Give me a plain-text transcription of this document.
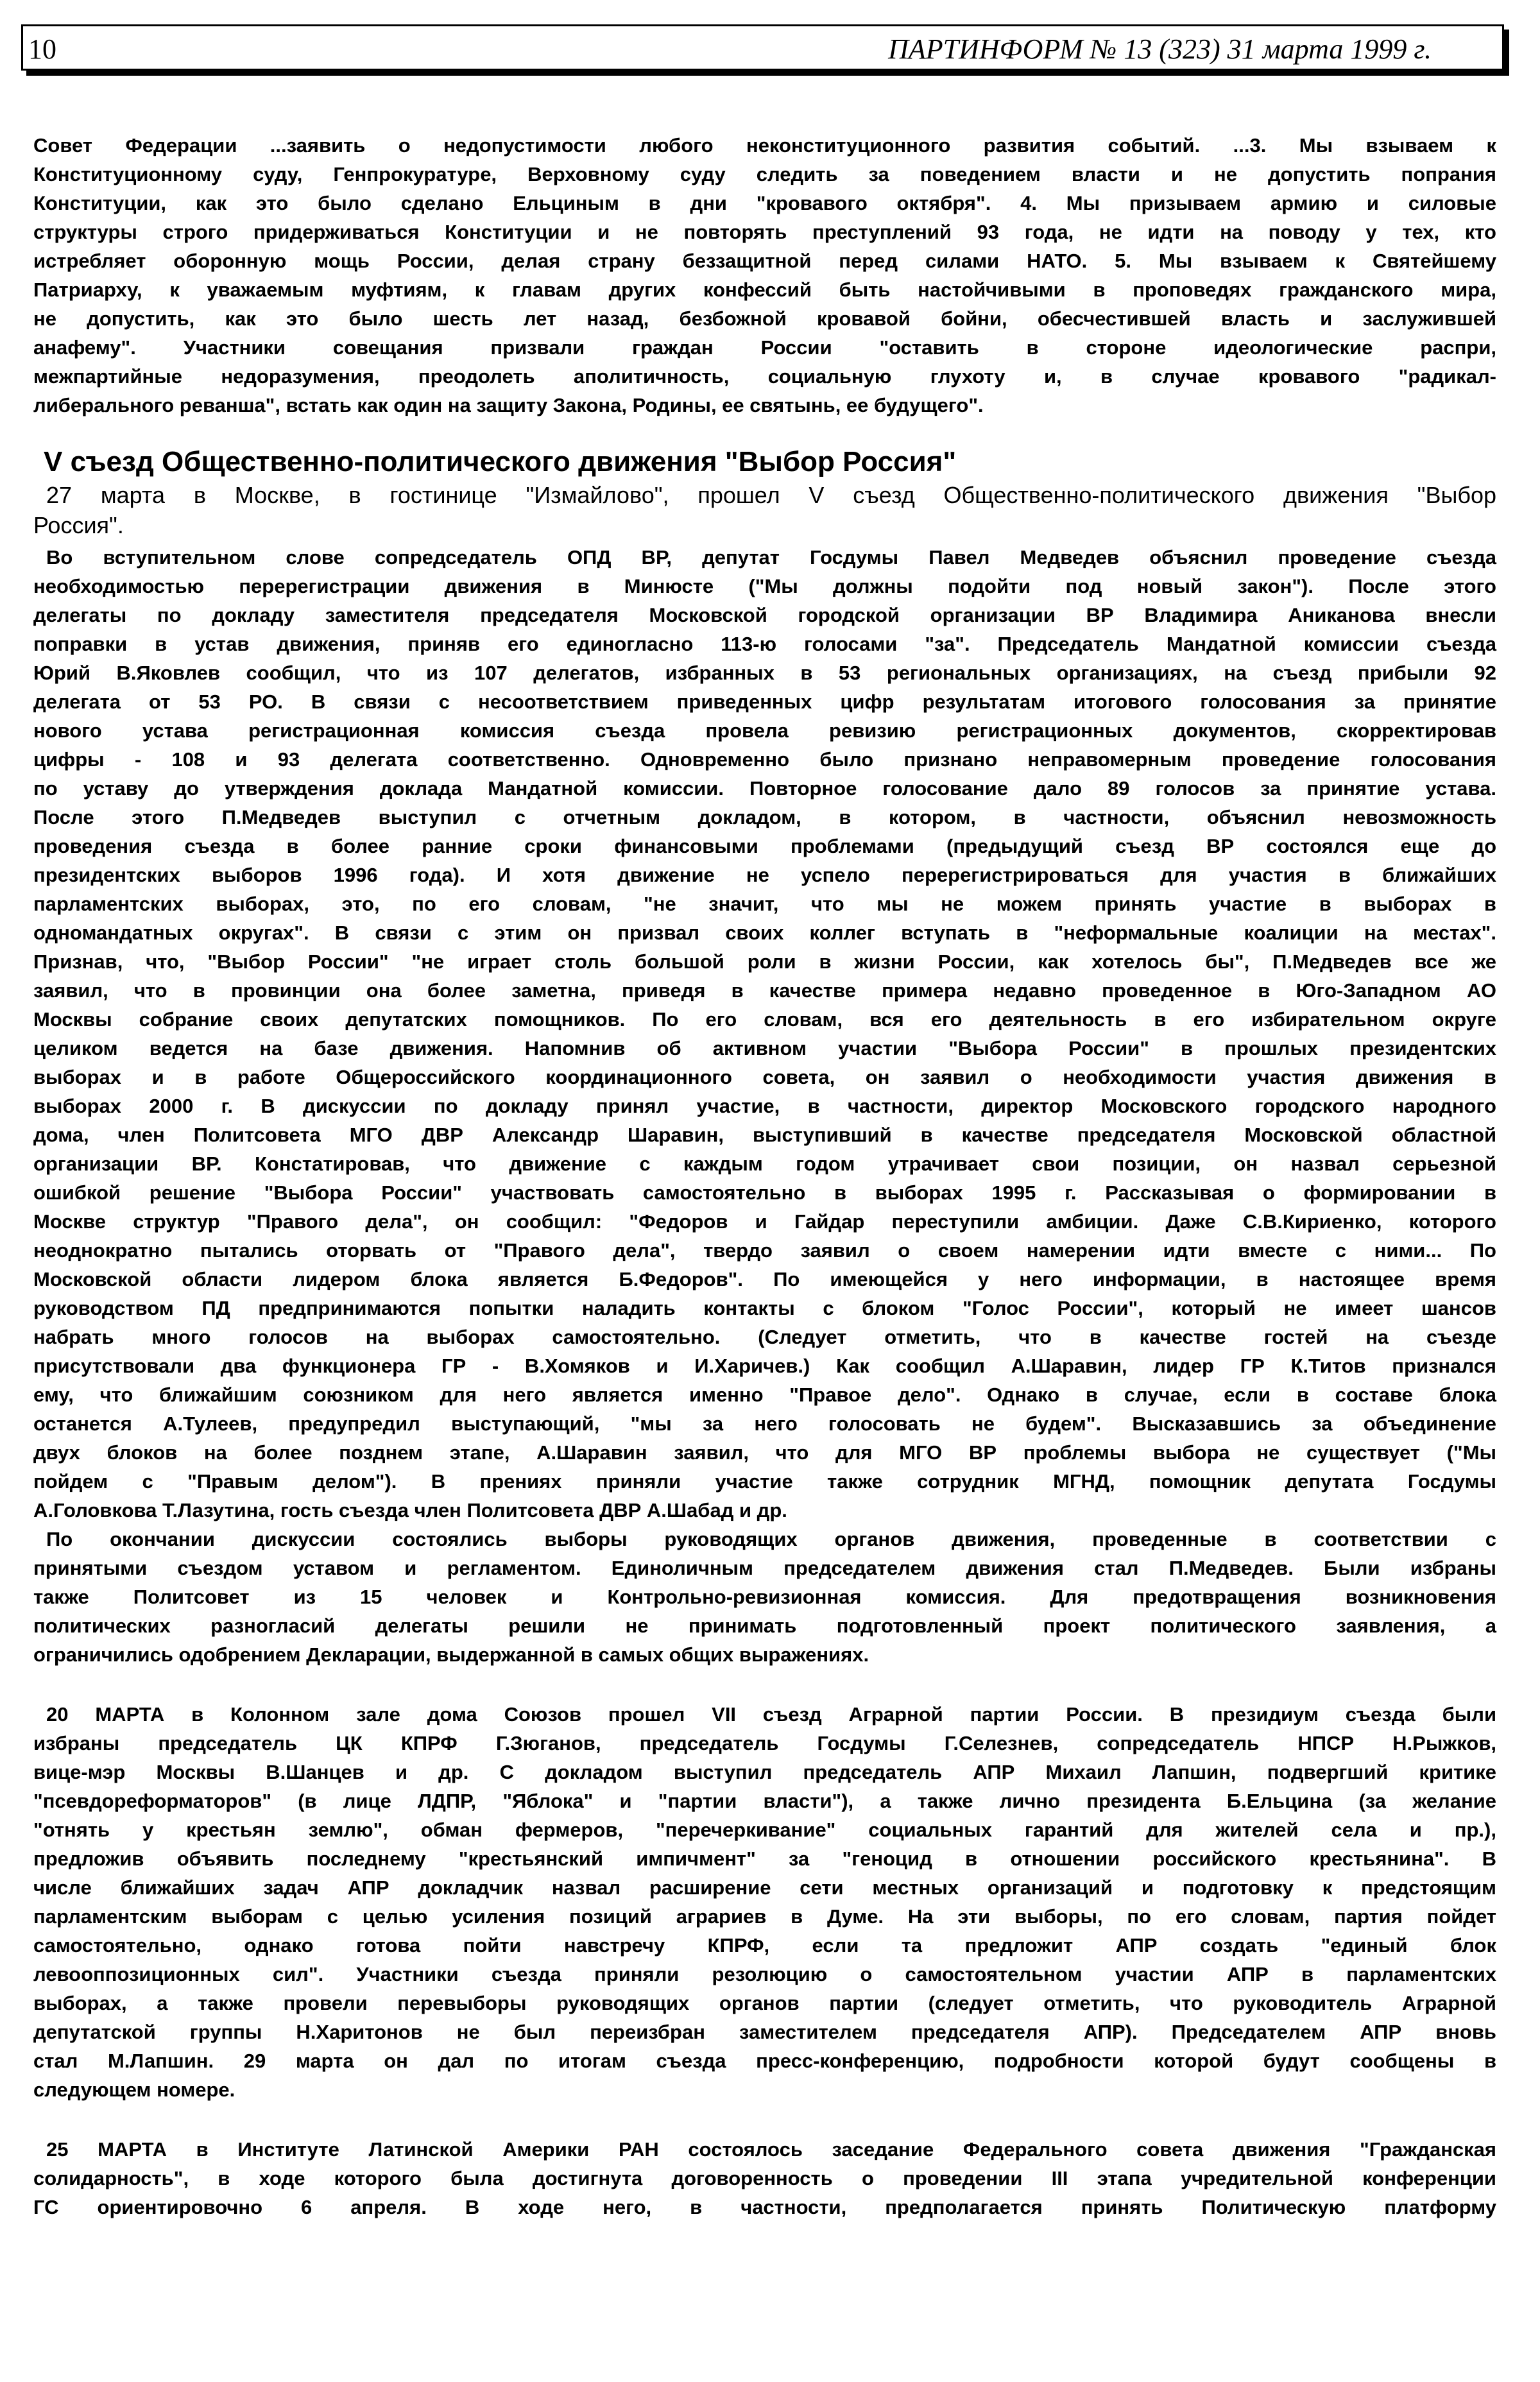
10	ПАРТИНФОРМ № 13 (323) 31 марта 1999 г.
Совет Федерации ...заявить о недопустимости любого неконституционного развития событий. ...3. Мы взываем к
Конституционному суду, Генпрокуратуре, Верховному суду следить за поведением власти и не допустить попрания
Конституции, как это было сделано Ельциным в дни "кровавого октября". 4. Мы призываем армию и силовые
структуры строго придерживаться Конституции и не повторять преступлений 93 года, не идти на поводу у тех, кто
истребляет оборонную мощь России, делая страну беззащитной перед силами НАТО. 5. Мы взываем к Святейшему
Патриарху, к уважаемым муфтиям, к главам других конфессий быть настойчивыми в проповедях гражданского мира,
не допустить, как это было шесть лет назад, безбожной кровавой бойни, обесчестившей власть и заслужившей
анафему". Участники совещания призвали граждан России "оставить в стороне идеологические распри,
межпартийные недоразумения, преодолеть аполитичность, социальную глухоту и, в случае кровавого "радикал-
либерального реванша", встать как один на защиту Закона, Родины, ее святынь, ее будущего".
V съезд Общественно-политического движения "Выбор Россия"
27 марта в Москве, в гостинице "Измайлово", прошел V съезд Общественно-политического движения "Выбор
Россия".
Во вступительном слове сопредседатель ОПД ВР, депутат Госдумы Павел Медведев объяснил проведение съезда
необходимостью перерегистрации движения в Минюсте ("Мы должны подойти под новый закон"). После этого
делегаты по докладу заместителя председателя Московской городской организации ВР Владимира Аниканова внесли
поправки в устав движения, приняв его единогласно 113-ю голосами "за". Председатель Мандатной комиссии съезда
Юрий В.Яковлев сообщил, что из 107 делегатов, избранных в 53 региональных организациях, на съезд прибыли 92
делегата от 53 РО. В связи с несоответствием приведенных цифр результатам итогового голосования за принятие
нового устава регистрационная комиссия съезда провела ревизию регистрационных документов, скорректировав
цифры - 108 и 93 делегата соответственно. Одновременно было признано неправомерным проведение голосования
по уставу до утверждения доклада Мандатной комиссии. Повторное голосование дало 89 голосов за принятие устава.
После этого П.Медведев выступил с отчетным докладом, в котором, в частности, объяснил невозможность
проведения съезда в более ранние сроки финансовыми проблемами (предыдущий съезд ВР состоялся еще до
президентских выборов 1996 года). И хотя движение не успело перерегистрироваться для участия в ближайших
парламентских выборах, это, по его словам, "не значит, что мы не можем принять участие в выборах в
одномандатных округах". В связи с этим он призвал своих коллег вступать в "неформальные коалиции на местах".
Признав, что, "Выбор России" "не играет столь большой роли в жизни России, как хотелось бы", П.Медведев все же
заявил, что в провинции она более заметна, приведя в качестве примера недавно проведенное в Юго-Западном АО
Москвы собрание своих депутатских помощников. По его словам, вся его деятельность в его избирательном округе
целиком ведется на базе движения. Напомнив об активном участии "Выбора России" в прошлых президентских
выборах и в работе Общероссийского координационного совета, он заявил о необходимости участия движения в
выборах 2000 г. В дискуссии по докладу принял участие, в частности, директор Московского городского народного
дома, член Политсовета МГО ДВР Александр Шаравин, выступивший в качестве председателя Московской областной
организации ВР. Констатировав, что движение с каждым годом утрачивает свои позиции, он назвал серьезной
ошибкой решение "Выбора России" участвовать самостоятельно в выборах 1995 г. Рассказывая о формировании в
Москве структур "Правого дела", он сообщил: "Федоров и Гайдар переступили амбиции. Даже С.В.Кириенко, которого
неоднократно пытались оторвать от "Правого дела", твердо заявил о своем намерении идти вместе с ними... По
Московской области лидером блока является Б.Федоров". По имеющейся у него информации, в настоящее время
руководством ПД предпринимаются попытки наладить контакты с блоком "Голос России", который не имеет шансов
набрать много голосов на выборах самостоятельно. (Следует отметить, что в качестве гостей на съезде
присутствовали два функционера ГР - В.Хомяков и И.Харичев.) Как сообщил А.Шаравин, лидер ГР К.Титов признался
ему, что ближайшим союзником для него является именно "Правое дело". Однако в случае, если в составе блока
останется А.Тулеев, предупредил выступающий, "мы за него голосовать не будем". Высказавшись за объединение
двух блоков на более позднем этапе, А.Шаравин заявил, что для МГО ВР проблемы выбора не существует ("Мы
пойдем с "Правым делом"). В прениях приняли участие также сотрудник МГНД, помощник депутата Госдумы
А.Головкова Т.Лазутина, гость съезда член Политсовета ДВР А.Шабад и др.
По окончании дискуссии состоялись выборы руководящих органов движения, проведенные в соответствии с
принятыми съездом уставом и регламентом. Единоличным председателем движения стал П.Медведев. Были избраны
также Политсовет из 15 человек и Контрольно-ревизионная комиссия. Для предотвращения возникновения
политических разногласий делегаты решили не принимать подготовленный проект политического заявления, а
ограничились одобрением Декларации, выдержанной в самых общих выражениях.
20 МАРТА в Колонном зале дома Союзов прошел VII съезд Аграрной партии России. В президиум съезда были
избраны председатель ЦК КПРФ Г.Зюганов, председатель Госдумы Г.Селезнев, сопредседатель НПСР Н.Рыжков,
вице-мэр Москвы В.Шанцев и др. С докладом выступил председатель АПР Михаил Лапшин, подвергший критике
"псевдореформаторов" (в лице ЛДПР, "Яблока" и "партии власти"), а также лично президента Б.Ельцина (за желание
"отнять у крестьян землю", обман фермеров, "перечеркивание" социальных гарантий для жителей села и пр.),
предложив объявить последнему "крестьянский импичмент" за "геноцид в отношении российского крестьянина". В
числе ближайших задач АПР докладчик назвал расширение сети местных организаций и подготовку к предстоящим
парламентским выборам с целью усиления позиций аграриев в Думе. На эти выборы, по его словам, партия пойдет
самостоятельно, однако готова пойти навстречу КПРФ, если та предложит АПР создать "единый блок
левооппозиционных сил". Участники съезда приняли резолюцию о самостоятельном участии АПР в парламентских
выборах, а также провели перевыборы руководящих органов партии (следует отметить, что руководитель Аграрной
депутатской группы Н.Харитонов не был переизбран заместителем председателя АПР). Председателем АПР вновь
стал М.Лапшин. 29 марта он дал по итогам съезда пресс-конференцию, подробности которой будут сообщены в
следующем номере.
25 МАРТА в Институте Латинской Америки РАН состоялось заседание Федерального совета движения "Гражданская
солидарность", в ходе которого была достигнута договоренность о проведении III этапа учредительной конференции
ГС ориентировочно 6 апреля. В ходе него, в частности, предполагается принять Политическую платформу
